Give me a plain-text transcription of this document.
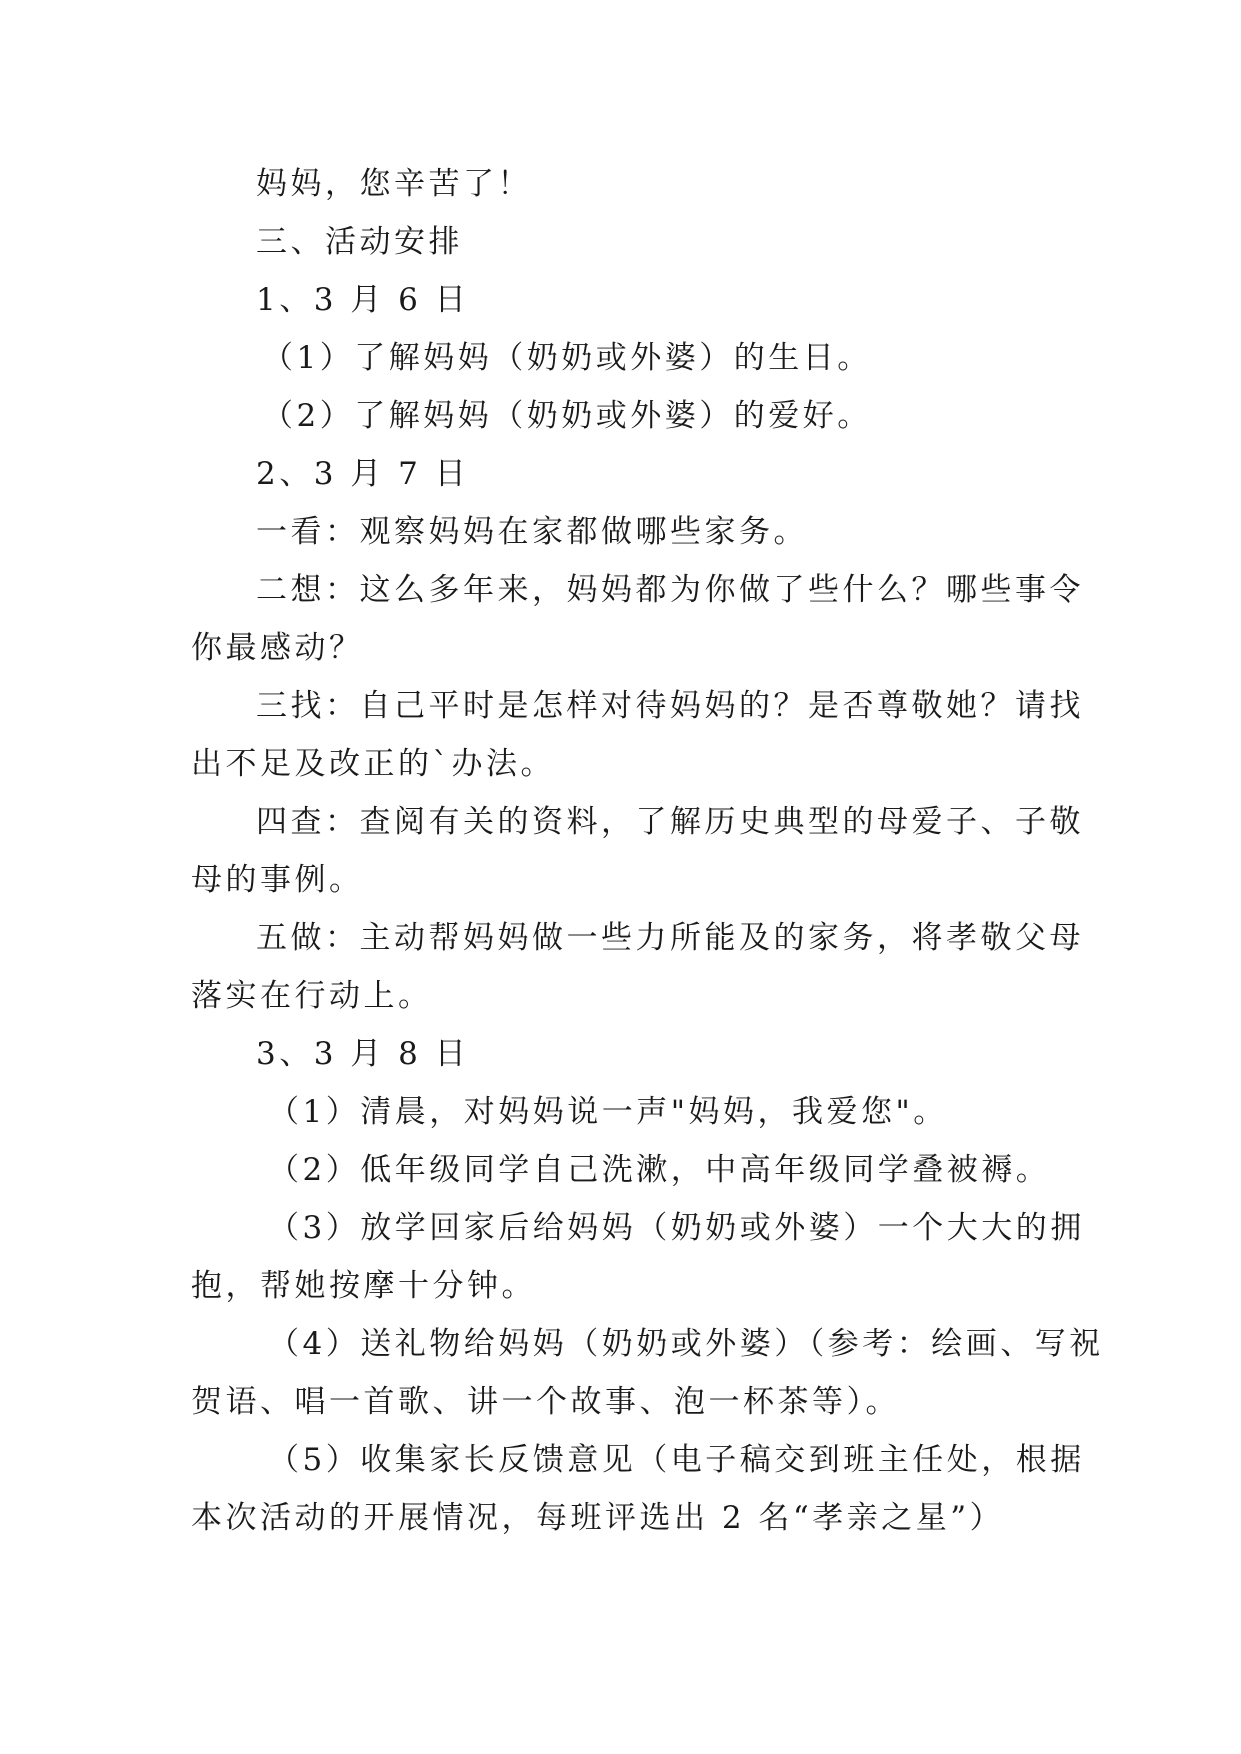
妈妈，您辛苦了！
三、活动安排
1、3 月 6 日
（1）了解妈妈（奶奶或外婆）的生日。
（2）了解妈妈（奶奶或外婆）的爱好。
2、3 月 7 日
一看：观察妈妈在家都做哪些家务。
二想：这么多年来，妈妈都为你做了些什么？哪些事令
你最感动？
三找：自己平时是怎样对待妈妈的？是否尊敬她？请找
出不足及改正的`办法。
四查：查阅有关的资料，了解历史典型的母爱子、子敬
母的事例。
五做：主动帮妈妈做一些力所能及的家务，将孝敬父母
落实在行动上。
3、3 月 8 日
（1）清晨，对妈妈说一声"妈妈，我爱您"。
（2）低年级同学自己洗漱，中高年级同学叠被褥。
（3）放学回家后给妈妈（奶奶或外婆）一个大大的拥
抱，帮她按摩十分钟。
（4）送礼物给妈妈（奶奶或外婆）（参考：绘画、写祝
贺语、唱一首歌、讲一个故事、泡一杯茶等）。
（5）收集家长反馈意见（电子稿交到班主任处，根据
本次活动的开展情况，每班评选出 2 名“孝亲之星”）
